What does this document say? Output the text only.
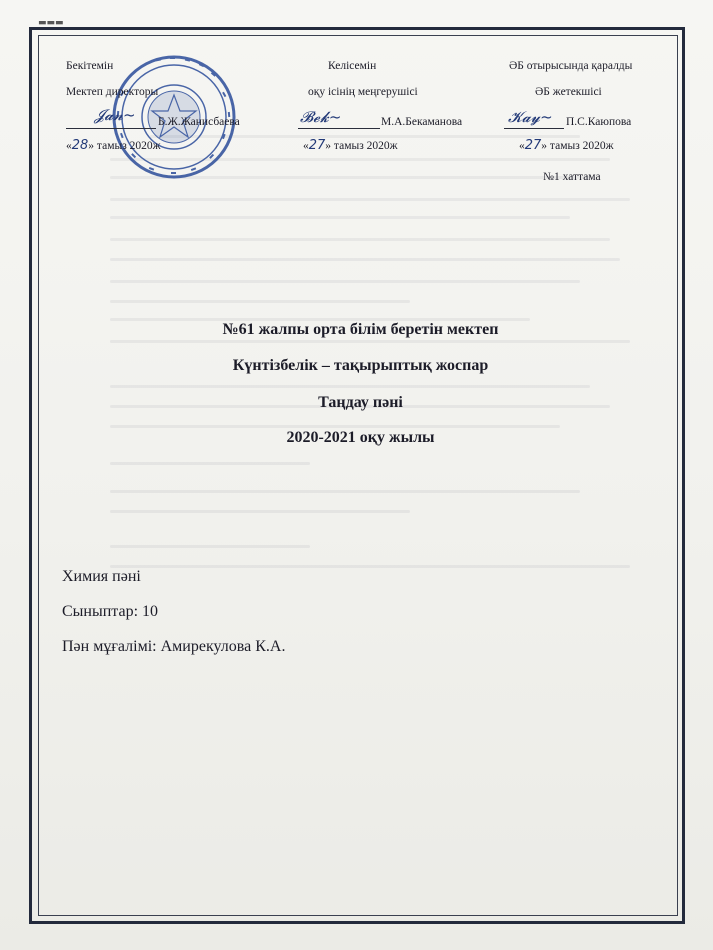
▬▬▬
Бекітемін
Мектеп директоры
𝓙𝓪𝓷~ Б.Ж.Жанисбаева
«28» тамыз 2020ж
Келісемін
оқу ісінің меңгерушісі
𝓑𝓮𝓴~	М.А.Бекаманова
«27» тамыз 2020ж
ӘБ отырысында қаралды
ӘБ жетекшісі
𝓚𝓪𝔂~ П.С.Каюпова
«27» тамыз 2020ж
№1 хаттама
№61 жалпы орта білім беретін мектеп
Күнтізбелік – тақырыптық жоспар
Таңдау пәні
2020-2021 оқу жылы
Химия пәні
Сыныптар: 10
Пән мұғалімі: Амирекулова К.А.
